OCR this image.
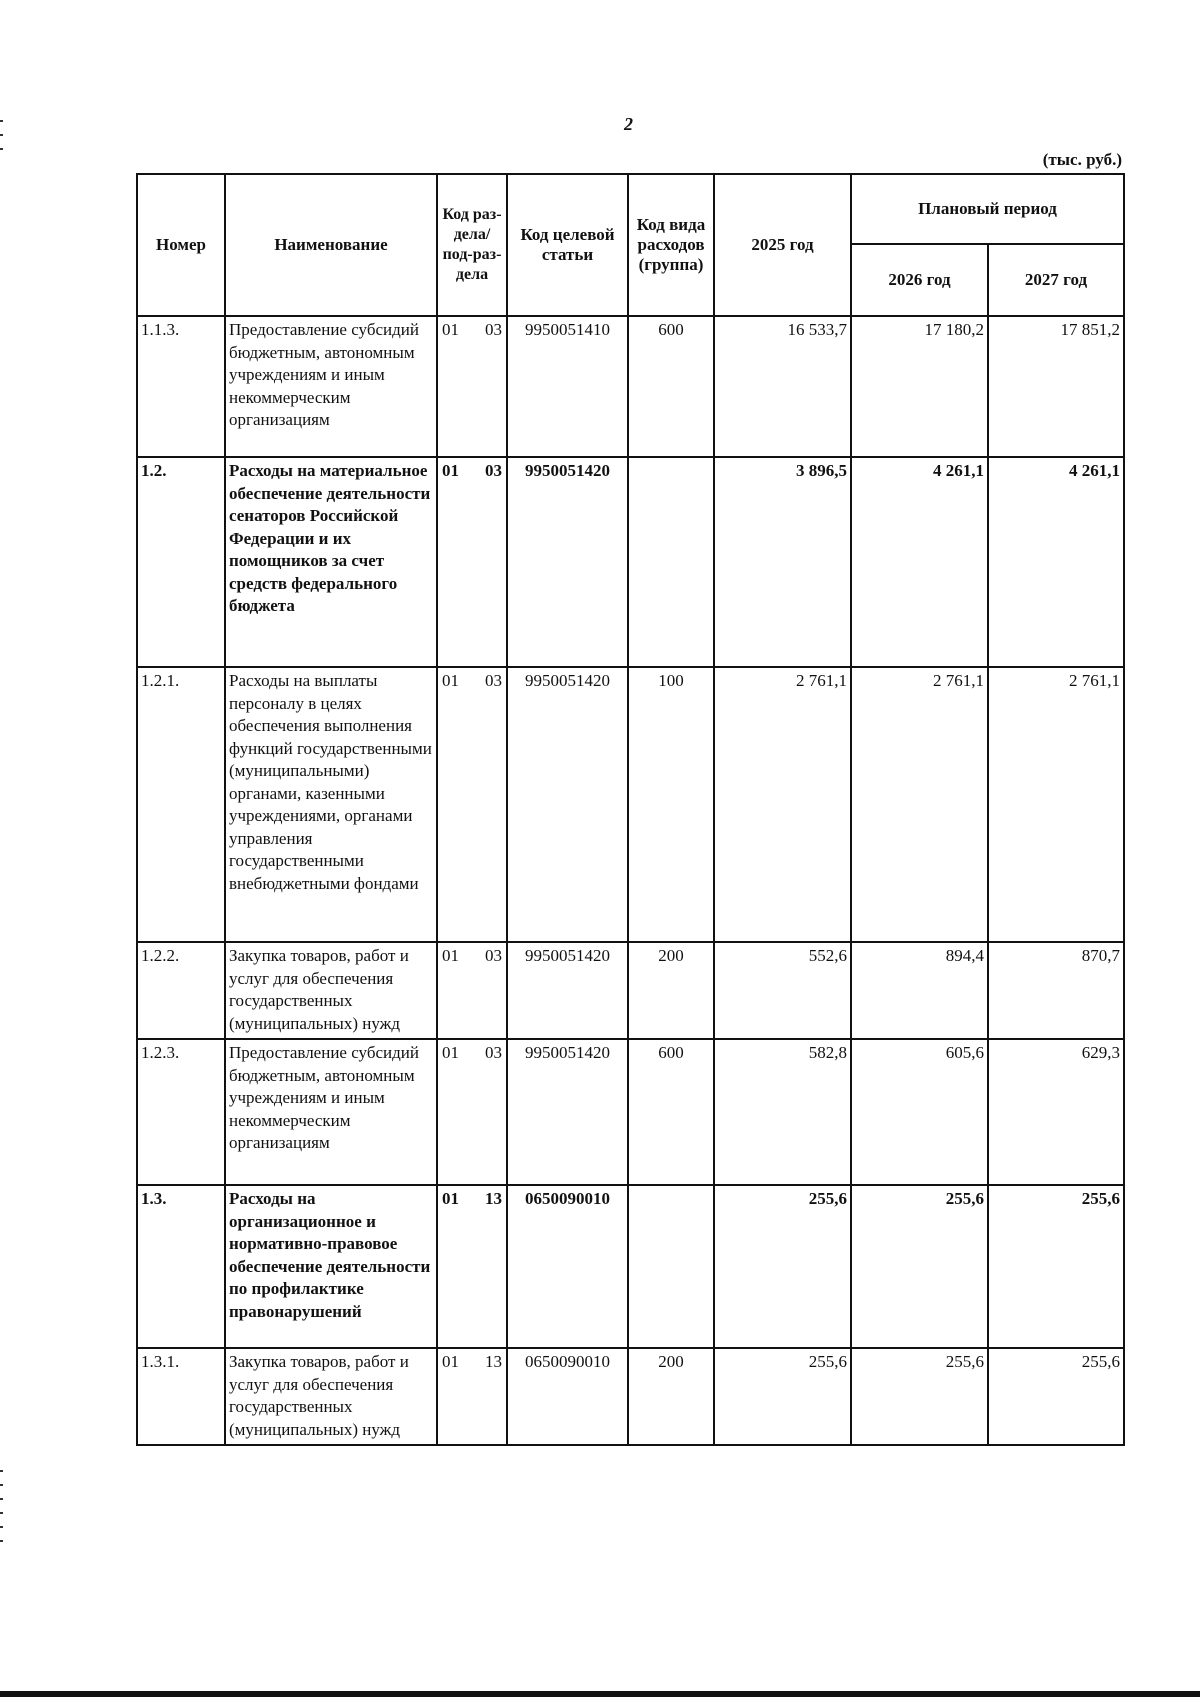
2
(тыс. руб.)
Номер	Наименование	Код раз-дела/ под-раз-дела	Код целевой статьи	Код вида расходов (группа)	2025 год	Плановый период	
						2026 год	2027 год
1.1.3.	Предоставление субсидий бюджетным, автономным учреждениям и иным некоммерческим организациям	01 03	9950051410	600	16 533,7	17 180,2	17 851,2
1.2.	Расходы на материальное обеспечение деятельности сенаторов Российской Федерации и их помощников за счет средств федерального бюджета	01 03	9950051420		3 896,5	4 261,1	4 261,1
1.2.1.	Расходы на выплаты персоналу в целях обеспечения выполнения функций государственными (муниципальными) органами, казенными учреждениями, органами управления государственными внебюджетными фондами	01 03	9950051420	100	2 761,1	2 761,1	2 761,1
1.2.2.	Закупка товаров, работ и услуг для обеспечения государственных (муниципальных) нужд	01 03	9950051420	200	552,6	894,4	870,7
1.2.3.	Предоставление субсидий бюджетным, автономным учреждениям и иным некоммерческим организациям	01 03	9950051420	600	582,8	605,6	629,3
1.3.	Расходы на организационное и нормативно-правовое обеспечение деятельности по профилактике правонарушений	01 13	0650090010		255,6	255,6	255,6
1.3.1.	Закупка товаров, работ и услуг для обеспечения государственных (муниципальных) нужд	01 13	0650090010	200	255,6	255,6	255,6
